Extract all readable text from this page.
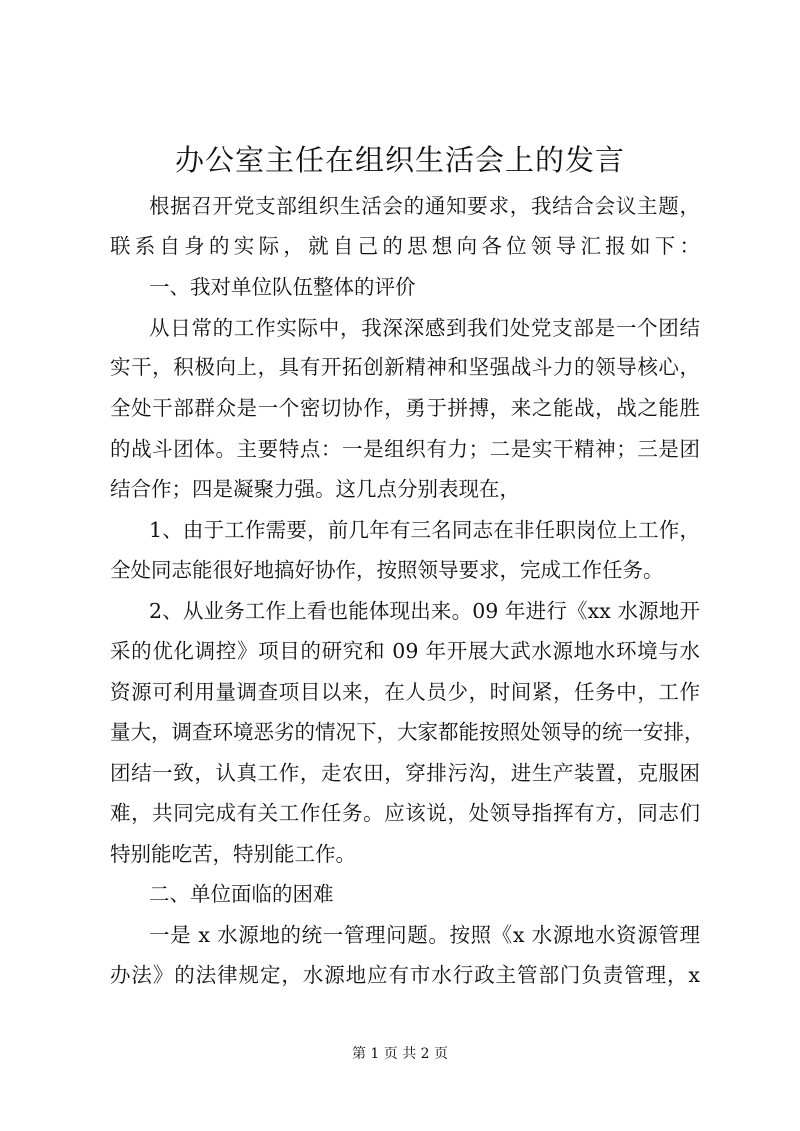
办公室主任在组织生活会上的发言

根据召开党支部组织生活会的通知要求，我结合会议主题，

联系自身的实际，就自己的思想向各位领导汇报如下：

一、我对单位队伍整体的评价

从日常的工作实际中，我深深感到我们处党支部是一个团结

实干，积极向上，具有开拓创新精神和坚强战斗力的领导核心，

全处干部群众是一个密切协作，勇于拼搏，来之能战，战之能胜

的战斗团体。主要特点：一是组织有力；二是实干精神；三是团

结合作；四是凝聚力强。这几点分别表现在，

1、由于工作需要，前几年有三名同志在非任职岗位上工作，

全处同志能很好地搞好协作，按照领导要求，完成工作任务。

2、从业务工作上看也能体现出来。09 年进行《xx 水源地开

采的优化调控》项目的研究和 09 年开展大武水源地水环境与水

资源可利用量调查项目以来，在人员少，时间紧，任务中，工作

量大，调查环境恶劣的情况下，大家都能按照处领导的统一安排，

团结一致，认真工作，走农田，穿排污沟，进生产装置，克服困

难，共同完成有关工作任务。应该说，处领导指挥有方，同志们

特别能吃苦，特别能工作。

二、单位面临的困难

一是 x 水源地的统一管理问题。按照《x 水源地水资源管理

办法》的法律规定，水源地应有市水行政主管部门负责管理，x

第 1 页 共 2 页
